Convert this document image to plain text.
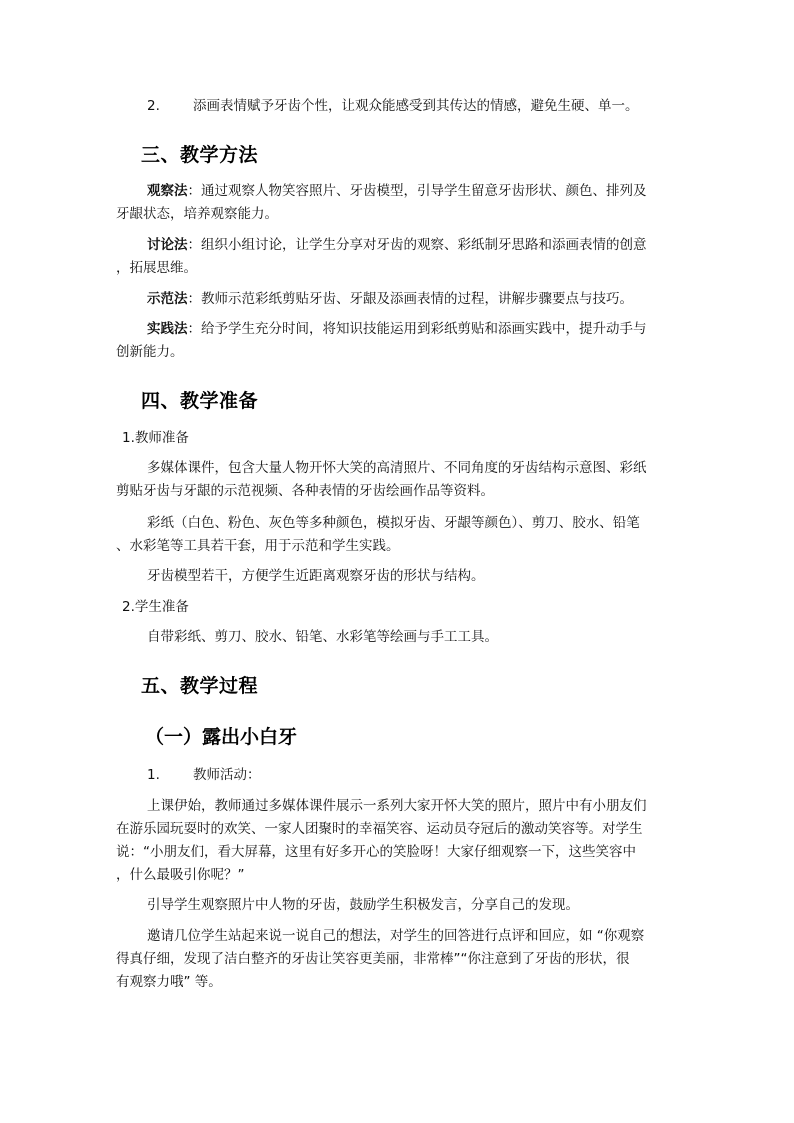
2. 添画表情赋予牙齿个性，让观众能感受到其传达的情感，避免生硬、单一。

三、教学方法

观察法：通过观察人物笑容照片、牙齿模型，引导学生留意牙齿形状、颜色、排列及

牙龈状态，培养观察能力。

讨论法：组织小组讨论，让学生分享对牙齿的观察、彩纸制牙思路和添画表情的创意

，拓展思维。

示范法：教师示范彩纸剪贴牙齿、牙龈及添画表情的过程，讲解步骤要点与技巧。

实践法：给予学生充分时间，将知识技能运用到彩纸剪贴和添画实践中，提升动手与

创新能力。

四、教学准备

1.教师准备

多媒体课件，包含大量人物开怀大笑的高清照片、不同角度的牙齿结构示意图、彩纸

剪贴牙齿与牙龈的示范视频、各种表情的牙齿绘画作品等资料。

彩纸（白色、粉色、灰色等多种颜色，模拟牙齿、牙龈等颜色）、剪刀、胶水、铅笔

、水彩笔等工具若干套，用于示范和学生实践。

牙齿模型若干，方便学生近距离观察牙齿的形状与结构。

2.学生准备

自带彩纸、剪刀、胶水、铅笔、水彩笔等绘画与手工工具。

五、教学过程

（一）露出小白牙

1. 教师活动：

上课伊始，教师通过多媒体课件展示一系列大家开怀大笑的照片，照片中有小朋友们

在游乐园玩耍时的欢笑、一家人团聚时的幸福笑容、运动员夺冠后的激动笑容等。对学生

说：“小朋友们，看大屏幕，这里有好多开心的笑脸呀！大家仔细观察一下，这些笑容中

，什么最吸引你呢？”

引导学生观察照片中人物的牙齿，鼓励学生积极发言，分享自己的发现。

邀请几位学生站起来说一说自己的想法，对学生的回答进行点评和回应，如 “你观察

得真仔细，发现了洁白整齐的牙齿让笑容更美丽，非常棒”“你注意到了牙齿的形状，很

有观察力哦” 等。
